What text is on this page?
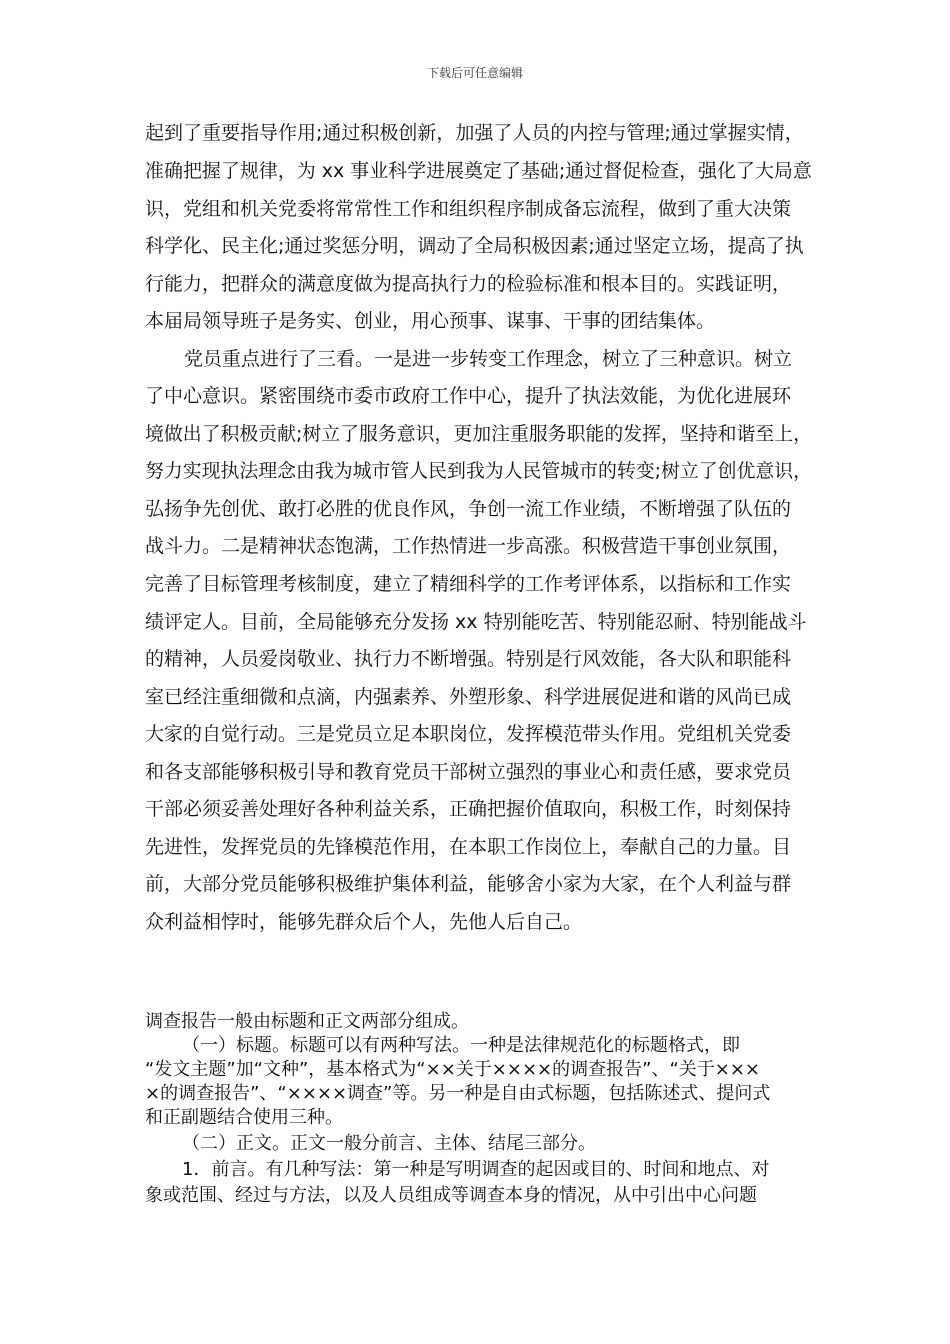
下载后可任意编辑
起到了重要指导作用;通过积极创新，加强了人员的内控与管理;通过掌握实情，
准确把握了规律，为 xx 事业科学进展奠定了基础;通过督促检查，强化了大局意
识，党组和机关党委将常常性工作和组织程序制成备忘流程，做到了重大决策
科学化、民主化;通过奖惩分明，调动了全局积极因素;通过坚定立场，提高了执
行能力，把群众的满意度做为提高执行力的检验标准和根本目的。实践证明，
本届局领导班子是务实、创业，用心预事、谋事、干事的团结集体。
党员重点进行了三看。一是进一步转变工作理念，树立了三种意识。树立
了中心意识。紧密围绕市委市政府工作中心，提升了执法效能，为优化进展环
境做出了积极贡献;树立了服务意识，更加注重服务职能的发挥，坚持和谐至上，
努力实现执法理念由我为城市管人民到我为人民管城市的转变;树立了创优意识，
弘扬争先创优、敢打必胜的优良作风，争创一流工作业绩，不断增强了队伍的
战斗力。二是精神状态饱满，工作热情进一步高涨。积极营造干事创业氛围，
完善了目标管理考核制度，建立了精细科学的工作考评体系，以指标和工作实
绩评定人。目前，全局能够充分发扬 xx 特别能吃苦、特别能忍耐、特别能战斗
的精神，人员爱岗敬业、执行力不断增强。特别是行风效能，各大队和职能科
室已经注重细微和点滴，内强素养、外塑形象、科学进展促进和谐的风尚已成
大家的自觉行动。三是党员立足本职岗位，发挥模范带头作用。党组机关党委
和各支部能够积极引导和教育党员干部树立强烈的事业心和责任感，要求党员
干部必须妥善处理好各种利益关系，正确把握价值取向，积极工作，时刻保持
先进性，发挥党员的先锋模范作用，在本职工作岗位上，奉献自己的力量。目
前，大部分党员能够积极维护集体利益，能够舍小家为大家，在个人利益与群
众利益相悖时，能够先群众后个人，先他人后自己。
调查报告一般由标题和正文两部分组成。
（一）标题。标题可以有两种写法。一种是法律规范化的标题格式，即
“发文主题”加“文种”，基本格式为“××关于××××的调查报告”、“关于×××
×的调查报告”、“××××调查”等。另一种是自由式标题，包括陈述式、提问式
和正副题结合使用三种。
（二）正文。正文一般分前言、主体、结尾三部分。
1．前言。有几种写法：第一种是写明调查的起因或目的、时间和地点、对
象或范围、经过与方法，以及人员组成等调查本身的情况，从中引出中心问题
